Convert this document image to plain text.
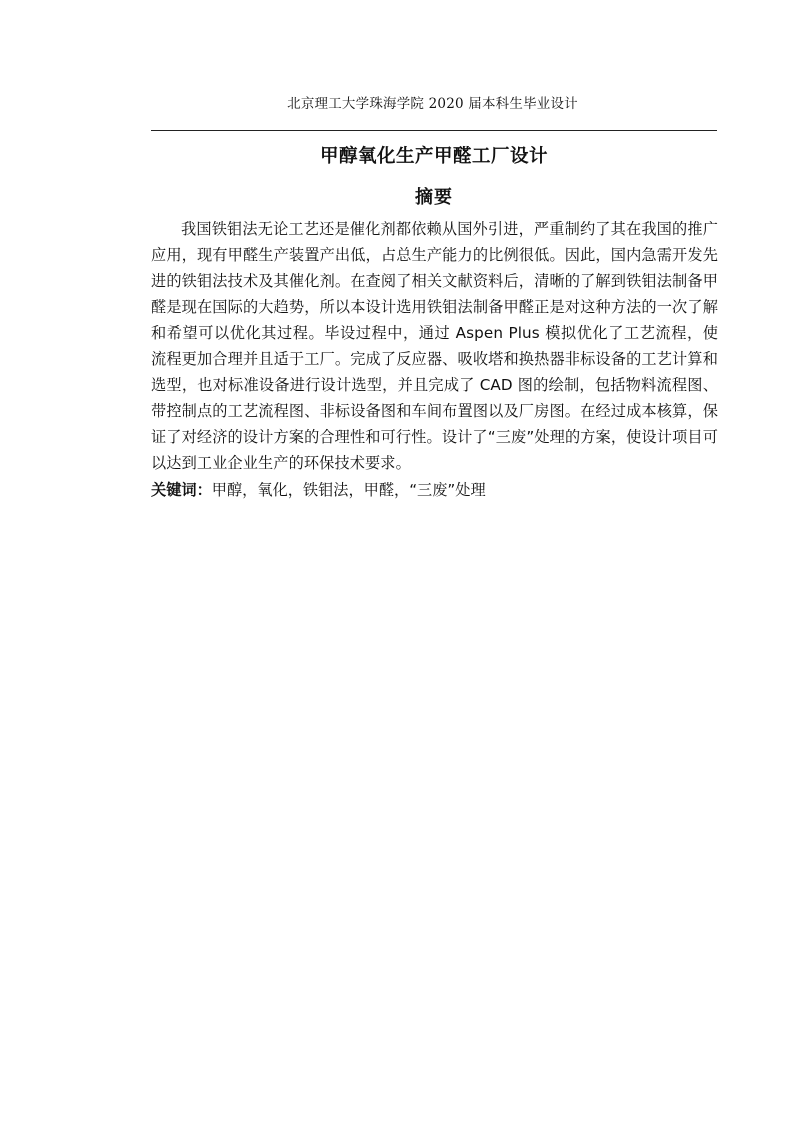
北京理工大学珠海学院 2020 届本科生毕业设计
甲醇氧化生产甲醛工厂设计
摘要

我国铁钼法无论工艺还是催化剂都依赖从国外引进，严重制约了其在我国的推广应用，现有甲醛生产装置产出低，占总生产能力的比例很低。因此，国内急需开发先进的铁钼法技术及其催化剂。在查阅了相关文献资料后，清晰的了解到铁钼法制备甲醛是现在国际的大趋势，所以本设计选用铁钼法制备甲醛正是对这种方法的一次了解和希望可以优化其过程。毕设过程中，通过 Aspen Plus 模拟优化了工艺流程，使流程更加合理并且适于工厂。完成了反应器、吸收塔和换热器非标设备的工艺计算和选型，也对标准设备进行设计选型，并且完成了 CAD 图的绘制，包括物料流程图、带控制点的工艺流程图、非标设备图和车间布置图以及厂房图。在经过成本核算，保证了对经济的设计方案的合理性和可行性。设计了“三废”处理的方案，使设计项目可以达到工业企业生产的环保技术要求。

关键词：甲醇，氧化，铁钼法，甲醛，“三废”处理
